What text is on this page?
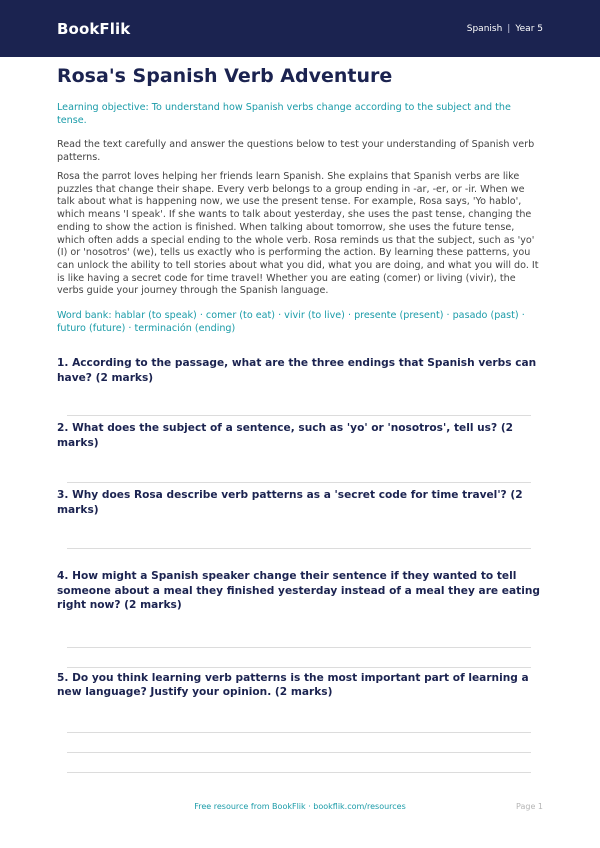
BookFlik	Spanish | Year 5
Rosa's Spanish Verb Adventure

Learning objective: To understand how Spanish verbs change according to the subject and the tense.

Read the text carefully and answer the questions below to test your understanding of Spanish verb patterns.

Rosa the parrot loves helping her friends learn Spanish. She explains that Spanish verbs are like puzzles that change their shape. Every verb belongs to a group ending in -ar, -er, or -ir. When we talk about what is happening now, we use the present tense. For example, Rosa says, 'Yo hablo', which means 'I speak'. If she wants to talk about yesterday, she uses the past tense, changing the ending to show the action is finished. When talking about tomorrow, she uses the future tense, which often adds a special ending to the whole verb. Rosa reminds us that the subject, such as 'yo' (I) or 'nosotros' (we), tells us exactly who is performing the action. By learning these patterns, you can unlock the ability to tell stories about what you did, what you are doing, and what you will do. It is like having a secret code for time travel! Whether you are eating (comer) or living (vivir), the verbs guide your journey through the Spanish language.

Word bank: hablar (to speak) · comer (to eat) · vivir (to live) · presente (present) · pasado (past) · futuro (future) · terminación (ending)

1. According to the passage, what are the three endings that Spanish verbs can have? (2 marks)

2. What does the subject of a sentence, such as 'yo' or 'nosotros', tell us? (2 marks)

3. Why does Rosa describe verb patterns as a 'secret code for time travel'? (2 marks)

4. How might a Spanish speaker change their sentence if they wanted to tell someone about a meal they finished yesterday instead of a meal they are eating right now? (2 marks)

5. Do you think learning verb patterns is the most important part of learning a new language? Justify your opinion. (2 marks)

Free resource from BookFlik · bookflik.com/resources	Page 1
